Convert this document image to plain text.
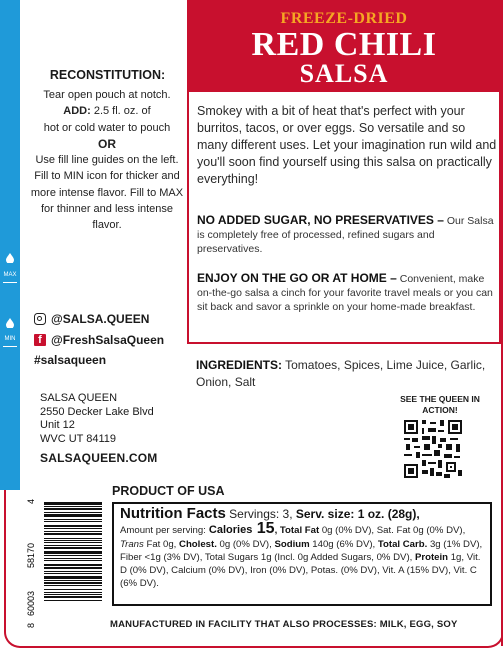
WATER FILL LINES
MAX
MIN
FREEZE-DRIED
RED CHILI
SALSA
Smokey with a bit of heat that's perfect with your burritos, tacos, or over eggs. So versatile and so many different uses. Let your imagination run wild and you'll soon find yourself using this salsa on practically everything!
NO ADDED SUGAR, NO PRESERVATIVES – Our Salsa is completely free of processed, refined sugars and preservatives.
ENJOY ON THE GO OR AT HOME – Convenient, make on-the-go salsa a cinch for your favorite travel meals or you can sit back and savor a sprinkle on your home-made breakfast.
RECONSTITUTION:
Tear open pouch at notch.
ADD: 2.5 fl. oz. of
hot or cold water to pouch
OR
Use fill line guides on the left. Fill to MIN icon for thicker and more intense flavor. Fill to MAX for thinner and less intense flavor.
@SALSA.QUEEN
f @FreshSalsaQueen
#salsaqueen
SALSA QUEEN
2550 Decker Lake Blvd
Unit 12
WVC UT 84119
SALSAQUEEN.COM
INGREDIENTS: Tomatoes, Spices, Lime Juice, Garlic, Onion, Salt
SEE THE QUEEN IN ACTION!
8
60003
58170
4
PRODUCT OF USA
Nutrition Facts Servings: 3, Serv. size: 1 oz. (28g),
Amount per serving: Calories 15, Total Fat 0g (0% DV), Sat. Fat 0g (0% DV), Trans Fat 0g, Cholest. 0g (0% DV), Sodium 140g (6% DV), Total Carb. 3g (1% DV), Fiber <1g (3% DV), Total Sugars 1g (Incl. 0g Added Sugars, 0% DV), Protein 1g, Vit. D (0% DV), Calcium (0% DV), Iron (0% DV), Potas. (0% DV), Vit. A (15% DV), Vit. C (6% DV).
MANUFACTURED IN FACILITY THAT ALSO PROCESSES: MILK, EGG, SOY
